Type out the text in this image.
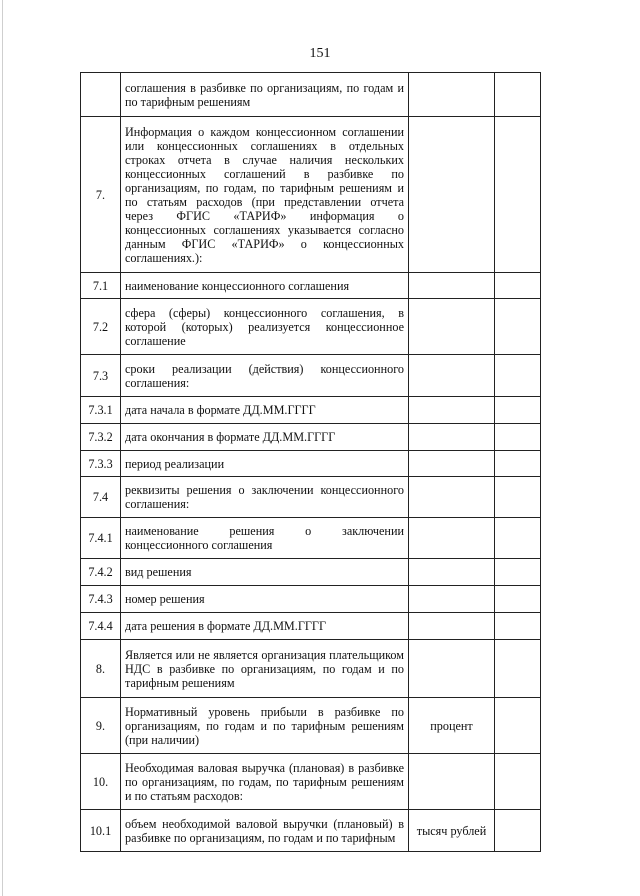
151
	соглашения в разбивке по организациям, по годам и по тарифным решениям		
7.	Информация о каждом концессионном соглашении или концессионных соглашениях в отдельных строках отчета в случае наличия нескольких концессионных соглашений в разбивке по организациям, по годам, по тарифным решениям и по статьям расходов (при представлении отчета через ФГИС «ТАРИФ» информация о концессионных соглашениях указывается согласно данным ФГИС «ТАРИФ» о концессионных соглашениях.):		
7.1	наименование концессионного соглашения		
7.2	сфера (сферы) концессионного соглашения, в которой (которых) реализуется концессионное соглашение		
7.3	сроки реализации (действия) концессионного соглашения:		
7.3.1	дата начала в формате ДД.ММ.ГГГГ		
7.3.2	дата окончания в формате ДД.ММ.ГГГГ		
7.3.3	период реализации		
7.4	реквизиты решения о заключении концессионного соглашения:		
7.4.1	наименование решения о заключении концессионного соглашения		
7.4.2	вид решения		
7.4.3	номер решения		
7.4.4	дата решения в формате ДД.ММ.ГГГГ		
8.	Является или не является организация плательщиком НДС в разбивке по организациям, по годам и по тарифным решениям		
9.	Нормативный уровень прибыли в разбивке по организациям, по годам и по тарифным решениям (при наличии)	процент	
10.	Необходимая валовая выручка (плановая) в разбивке по организациям, по годам, по тарифным решениям и по статьям расходов:		
10.1	объем необходимой валовой выручки (плановый) в разбивке по организациям, по годам и по тарифным	тысяч рублей	
